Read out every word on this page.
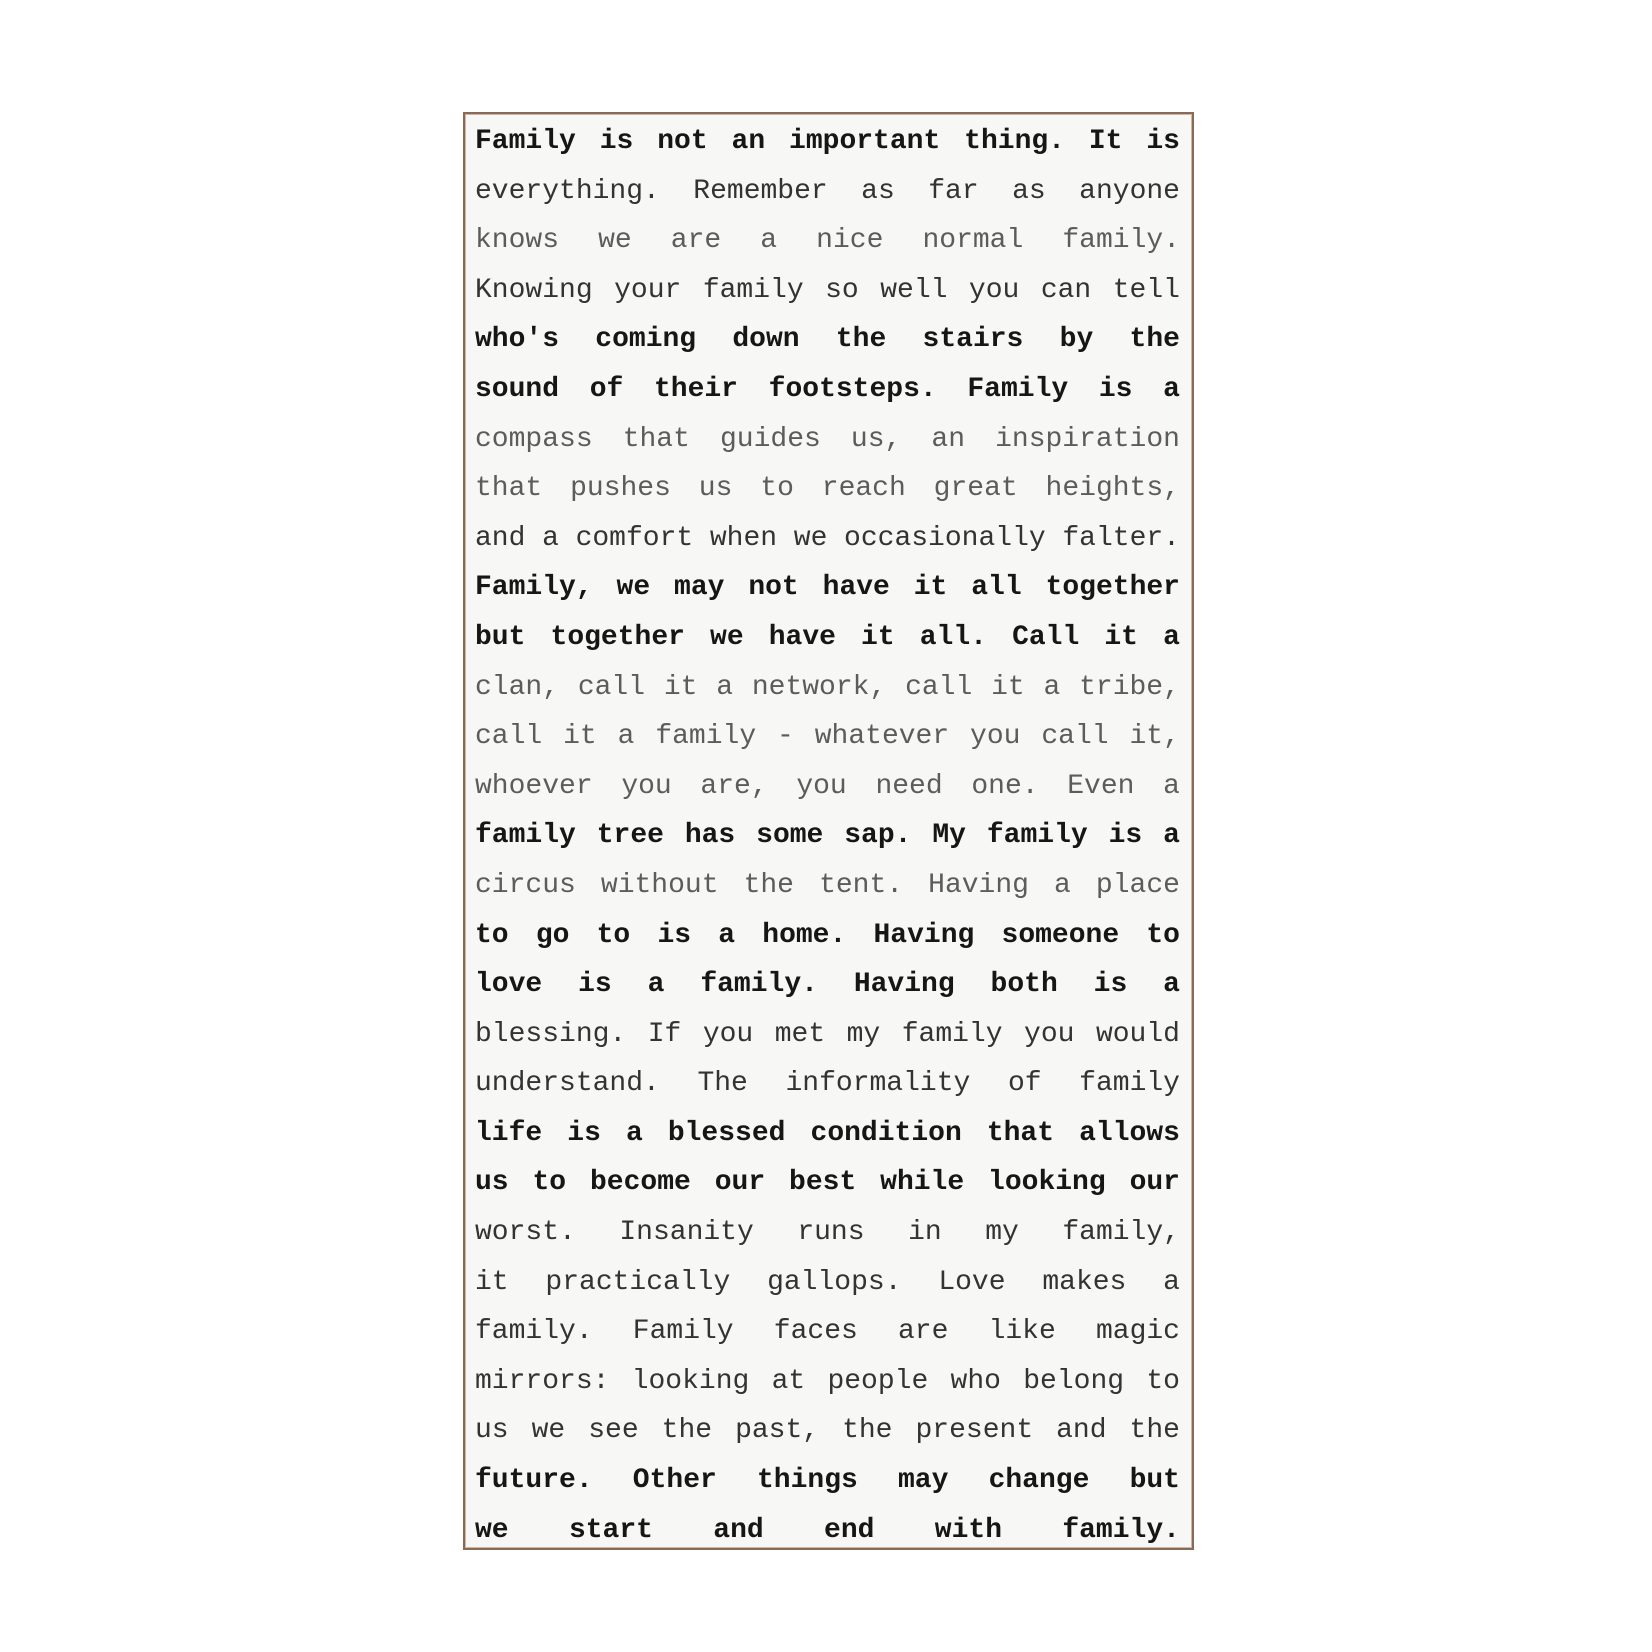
Family is not an important thing. It is
everything. Remember as far as anyone
knows we are a nice normal family.
Knowing your family so well you can tell
who's coming down the stairs by the
sound of their footsteps. Family is a
compass that guides us, an inspiration
that pushes us to reach great heights,
and a comfort when we occasionally falter.
Family, we may not have it all together
but together we have it all. Call it a
clan, call it a network, call it a tribe,
call it a family - whatever you call it,
whoever you are, you need one. Even a
family tree has some sap. My family is a
circus without the tent. Having a place
to go to is a home. Having someone to
love is a family. Having both is a
blessing. If you met my family you would
understand. The informality of family
life is a blessed condition that allows
us to become our best while looking our
worst. Insanity runs in my family,
it practically gallops. Love makes a
family. Family faces are like magic
mirrors: looking at people who belong to
us we see the past, the present and the
future. Other things may change but
we start and end with family.
